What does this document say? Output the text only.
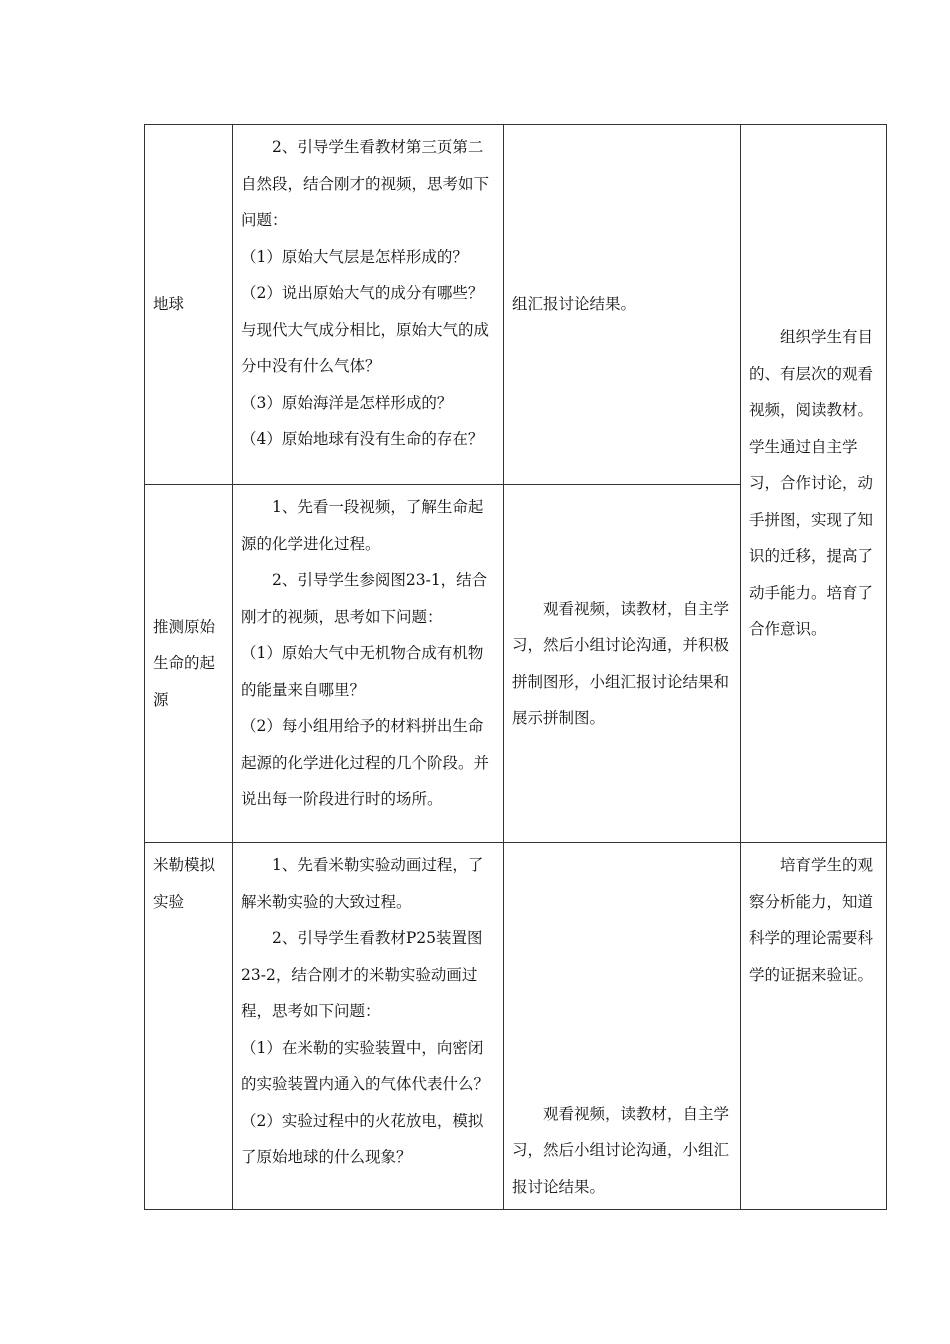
地球	2、引导学生看教材第三页第二自然段，结合刚才的视频，思考如下问题：

（1）原始大气层是怎样形成的？

（2）说出原始大气的成分有哪些？与现代大气成分相比，原始大气的成分中没有什么气体？

（3）原始海洋是怎样形成的？

（4）原始地球有没有生命的存在？	组汇报讨论结果。	组织学生有目的、有层次的观看视频，阅读教材。学生通过自主学习，合作讨论，动手拼图，实现了知识的迁移，提高了动手能力。培育了合作意识。

推测原始生命的起源	1、先看一段视频，了解生命起源的化学进化过程。

2、引导学生参阅图23-1，结合刚才的视频，思考如下问题：

（1）原始大气中无机物合成有机物的能量来自哪里？

（2）每小组用给予的材料拼出生命起源的化学进化过程的几个阶段。并说出每一阶段进行时的场所。	观看视频，读教材，自主学习，然后小组讨论沟通，并积极拼制图形，小组汇报讨论结果和展示拼制图。	

米勒模拟实验	1、先看米勒实验动画过程，了解米勒实验的大致过程。

2、引导学生看教材P25装置图23-2，结合刚才的米勒实验动画过程，思考如下问题：

（1）在米勒的实验装置中，向密闭的实验装置内通入的气体代表什么？

（2）实验过程中的火花放电，模拟了原始地球的什么现象？	观看视频，读教材，自主学习，然后小组讨论沟通，小组汇报讨论结果。	培育学生的观察分析能力，知道科学的理论需要科学的证据来验证。
